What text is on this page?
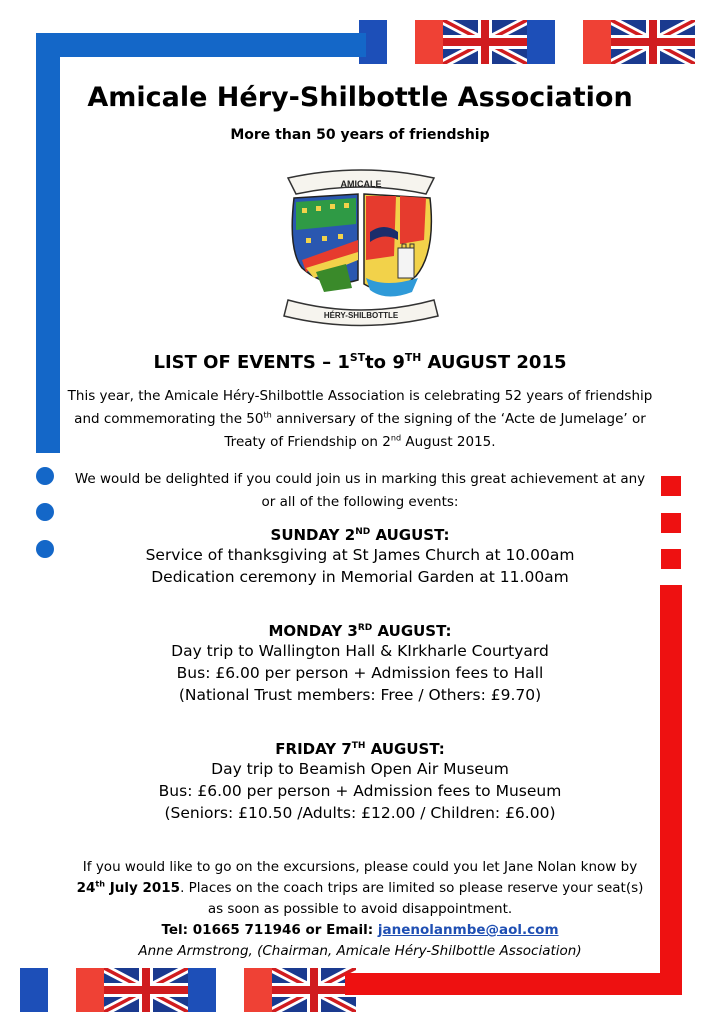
Amicale Héry-Shilbottle Association
More than 50 years of friendship
AMICALE
HÉRY-SHILBOTTLE
LIST OF EVENTS – 1STto 9TH AUGUST 2015
This year, the Amicale Héry-Shilbottle Association is celebrating 52 years of friendship
and commemorating the 50th anniversary of the signing of the ‘Acte de Jumelage’ or
Treaty of Friendship on 2nd August 2015.
We would be delighted if you could join us in marking this great achievement at any
or all of the following events:
SUNDAY 2ND AUGUST:
Service of thanksgiving at St James Church at 10.00am
Dedication ceremony in Memorial Garden at 11.00am
MONDAY 3RD AUGUST:
Day trip to Wallington Hall & KIrkharle Courtyard
Bus: £6.00 per person + Admission fees to Hall
(National Trust members: Free / Others: £9.70)
FRIDAY 7TH AUGUST:
Day trip to Beamish Open Air Museum
Bus: £6.00 per person + Admission fees to Museum
(Seniors: £10.50 /Adults: £12.00 / Children: £6.00)
If you would like to go on the excursions, please could you let Jane Nolan know by
24th July 2015. Places on the coach trips are limited so please reserve your seat(s)
as soon as possible to avoid disappointment.
Tel: 01665 711946 or Email: janenolanmbe@aol.com
Anne Armstrong, (Chairman, Amicale Héry-Shilbottle Association)
